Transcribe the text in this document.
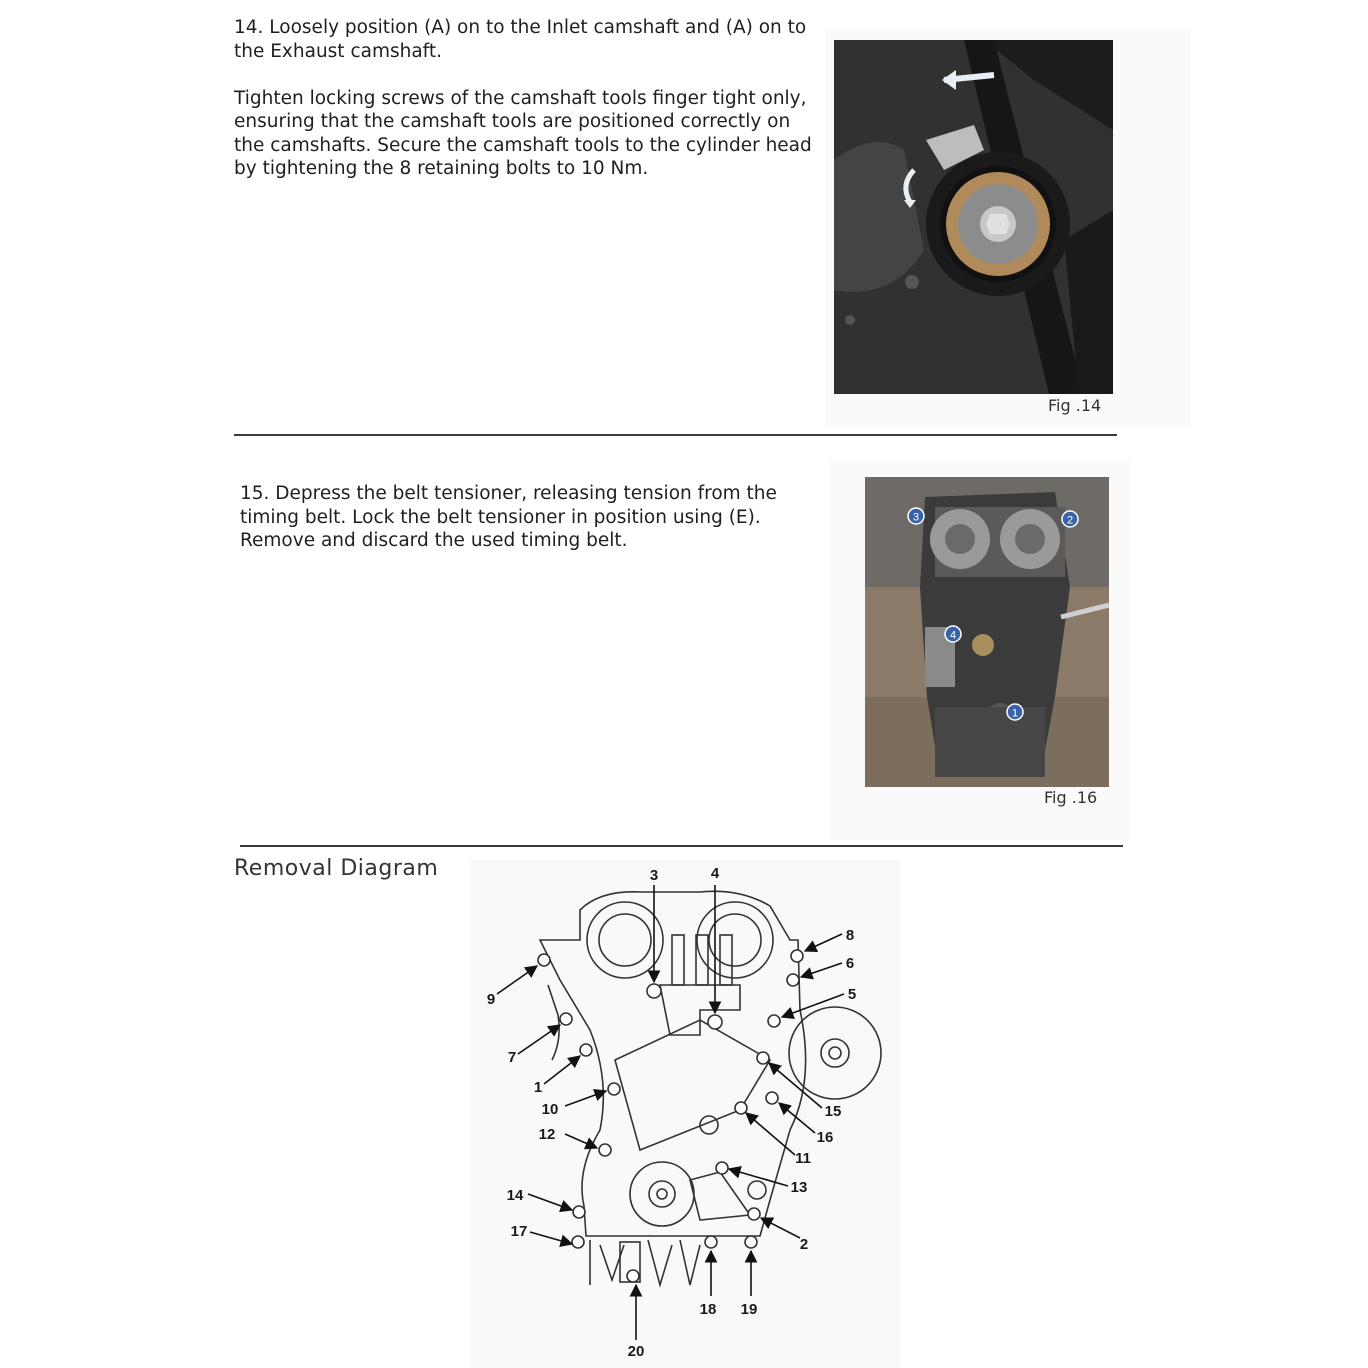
14. Loosely position (A) on to the Inlet camshaft and (A) on to the Exhaust camshaft.

Tighten locking screws of the camshaft tools finger tight only, ensuring that the camshaft tools are positioned correctly on the camshafts. Secure the camshaft tools to the cylinder head by tightening the 8 retaining bolts to 10 Nm.

Fig .14

15. Depress the belt tensioner, releasing tension from the timing belt. Lock the belt tensioner in position using (E). Remove and discard the used timing belt.

3	2
4
1
Fig .16
Removal Diagram	3	4
8
6
5
9
7
1
10
12
15
16
11
13
14
17
2
18 19
20
